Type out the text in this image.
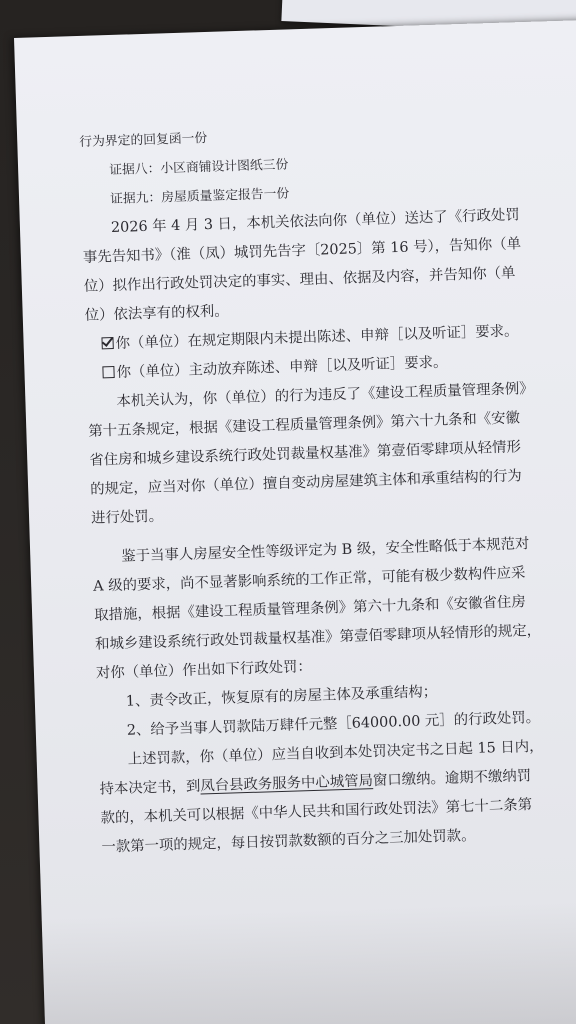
行为界定的回复函一份
证据八：小区商铺设计图纸三份
证据九：房屋质量鉴定报告一份
2026 年 4 月 3 日，本机关依法向你（单位）送达了《行政处罚
事先告知书》（淮（凤）城罚先告字〔2025〕第 16 号），告知你（单
位）拟作出行政处罚决定的事实、理由、依据及内容，并告知你（单
位）依法享有的权利。
你（单位）在规定期限内未提出陈述、申辩［以及听证］要求。
你（单位）主动放弃陈述、申辩［以及听证］要求。
本机关认为，你（单位）的行为违反了《建设工程质量管理条例》
第十五条规定，根据《建设工程质量管理条例》第六十九条和《安徽
省住房和城乡建设系统行政处罚裁量权基准》第壹佰零肆项从轻情形
的规定，应当对你（单位）擅自变动房屋建筑主体和承重结构的行为
进行处罚。
鉴于当事人房屋安全性等级评定为 B 级，安全性略低于本规范对
A 级的要求，尚不显著影响系统的工作正常，可能有极少数构件应采
取措施，根据《建设工程质量管理条例》第六十九条和《安徽省住房
和城乡建设系统行政处罚裁量权基准》第壹佰零肆项从轻情形的规定，
对你（单位）作出如下行政处罚：
1、责令改正，恢复原有的房屋主体及承重结构；
2、给予当事人罚款陆万肆仟元整［64000.00 元］的行政处罚。
上述罚款，你（单位）应当自收到本处罚决定书之日起 15 日内，
持本决定书，到凤台县政务服务中心城管局窗口缴纳。逾期不缴纳罚
款的，本机关可以根据《中华人民共和国行政处罚法》第七十二条第
一款第一项的规定，每日按罚款数额的百分之三加处罚款。
